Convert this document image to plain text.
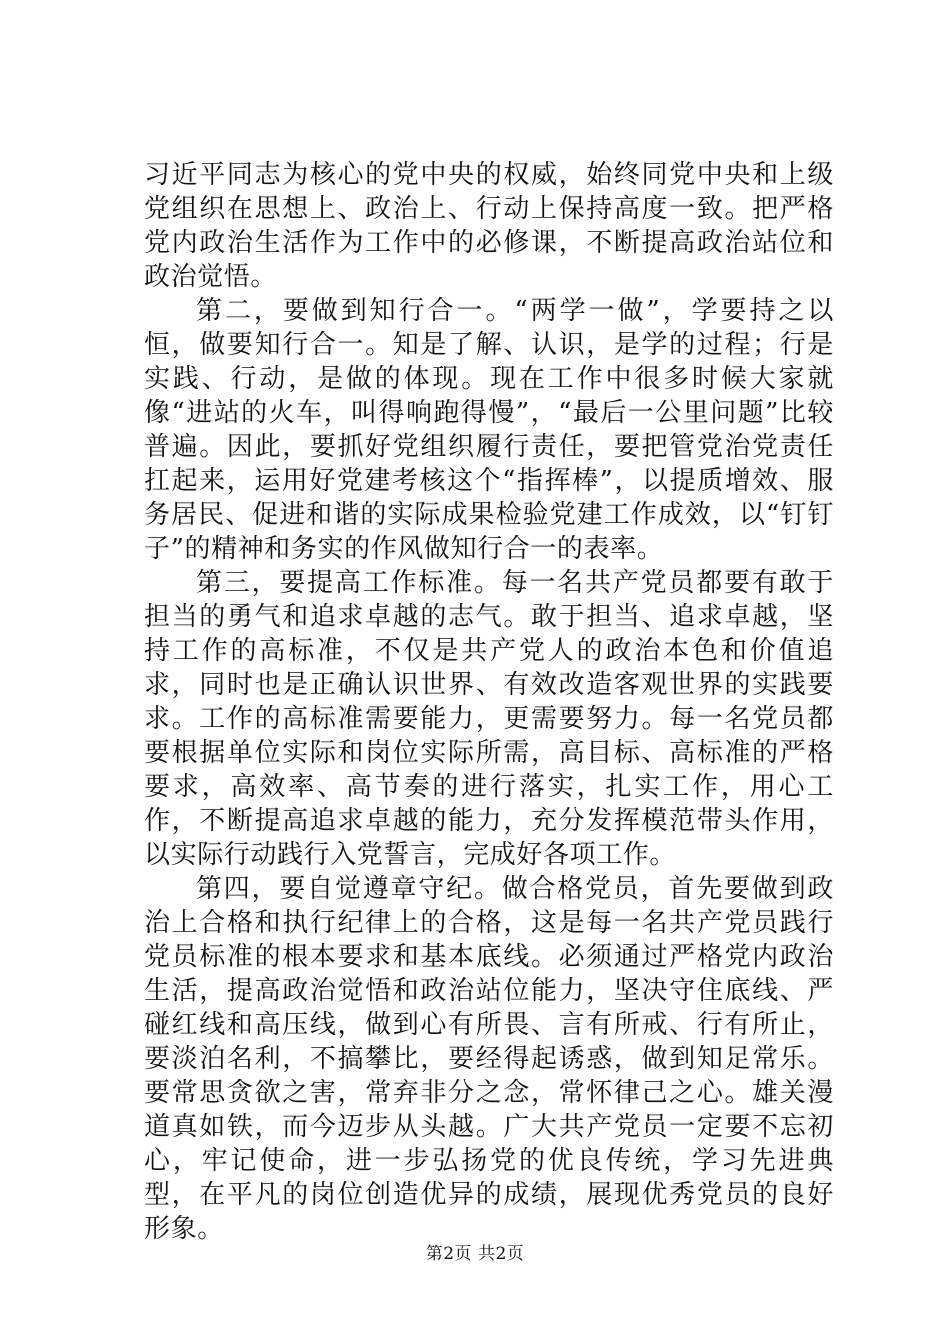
习近平同志为核心的党中央的权威，始终同党中央和上级党组织在思想上、政治上、行动上保持高度一致。把严格党内政治生活作为工作中的必修课，不断提高政治站位和政治觉悟。

第二，要做到知行合一。“两学一做”，学要持之以恒，做要知行合一。知是了解、认识，是学的过程；行是实践、行动，是做的体现。现在工作中很多时候大家就像“进站的火车，叫得响跑得慢”，“最后一公里问题”比较普遍。因此，要抓好党组织履行责任，要把管党治党责任扛起来，运用好党建考核这个“指挥棒”，以提质增效、服务居民、促进和谐的实际成果检验党建工作成效，以“钉钉子”的精神和务实的作风做知行合一的表率。

第三，要提高工作标准。每一名共产党员都要有敢于担当的勇气和追求卓越的志气。敢于担当、追求卓越，坚持工作的高标准，不仅是共产党人的政治本色和价值追求，同时也是正确认识世界、有效改造客观世界的实践要求。工作的高标准需要能力，更需要努力。每一名党员都要根据单位实际和岗位实际所需，高目标、高标准的严格要求，高效率、高节奏的进行落实，扎实工作，用心工作，不断提高追求卓越的能力，充分发挥模范带头作用，以实际行动践行入党誓言，完成好各项工作。

第四，要自觉遵章守纪。做合格党员，首先要做到政治上合格和执行纪律上的合格，这是每一名共产党员践行党员标准的根本要求和基本底线。必须通过严格党内政治生活，提高政治觉悟和政治站位能力，坚决守住底线、严碰红线和高压线，做到心有所畏、言有所戒、行有所止，要淡泊名利，不搞攀比，要经得起诱惑，做到知足常乐。要常思贪欲之害，常弃非分之念，常怀律己之心。雄关漫道真如铁，而今迈步从头越。广大共产党员一定要不忘初心，牢记使命，进一步弘扬党的优良传统，学习先进典型，在平凡的岗位创造优异的成绩，展现优秀党员的良好形象。

第2页 共2页
